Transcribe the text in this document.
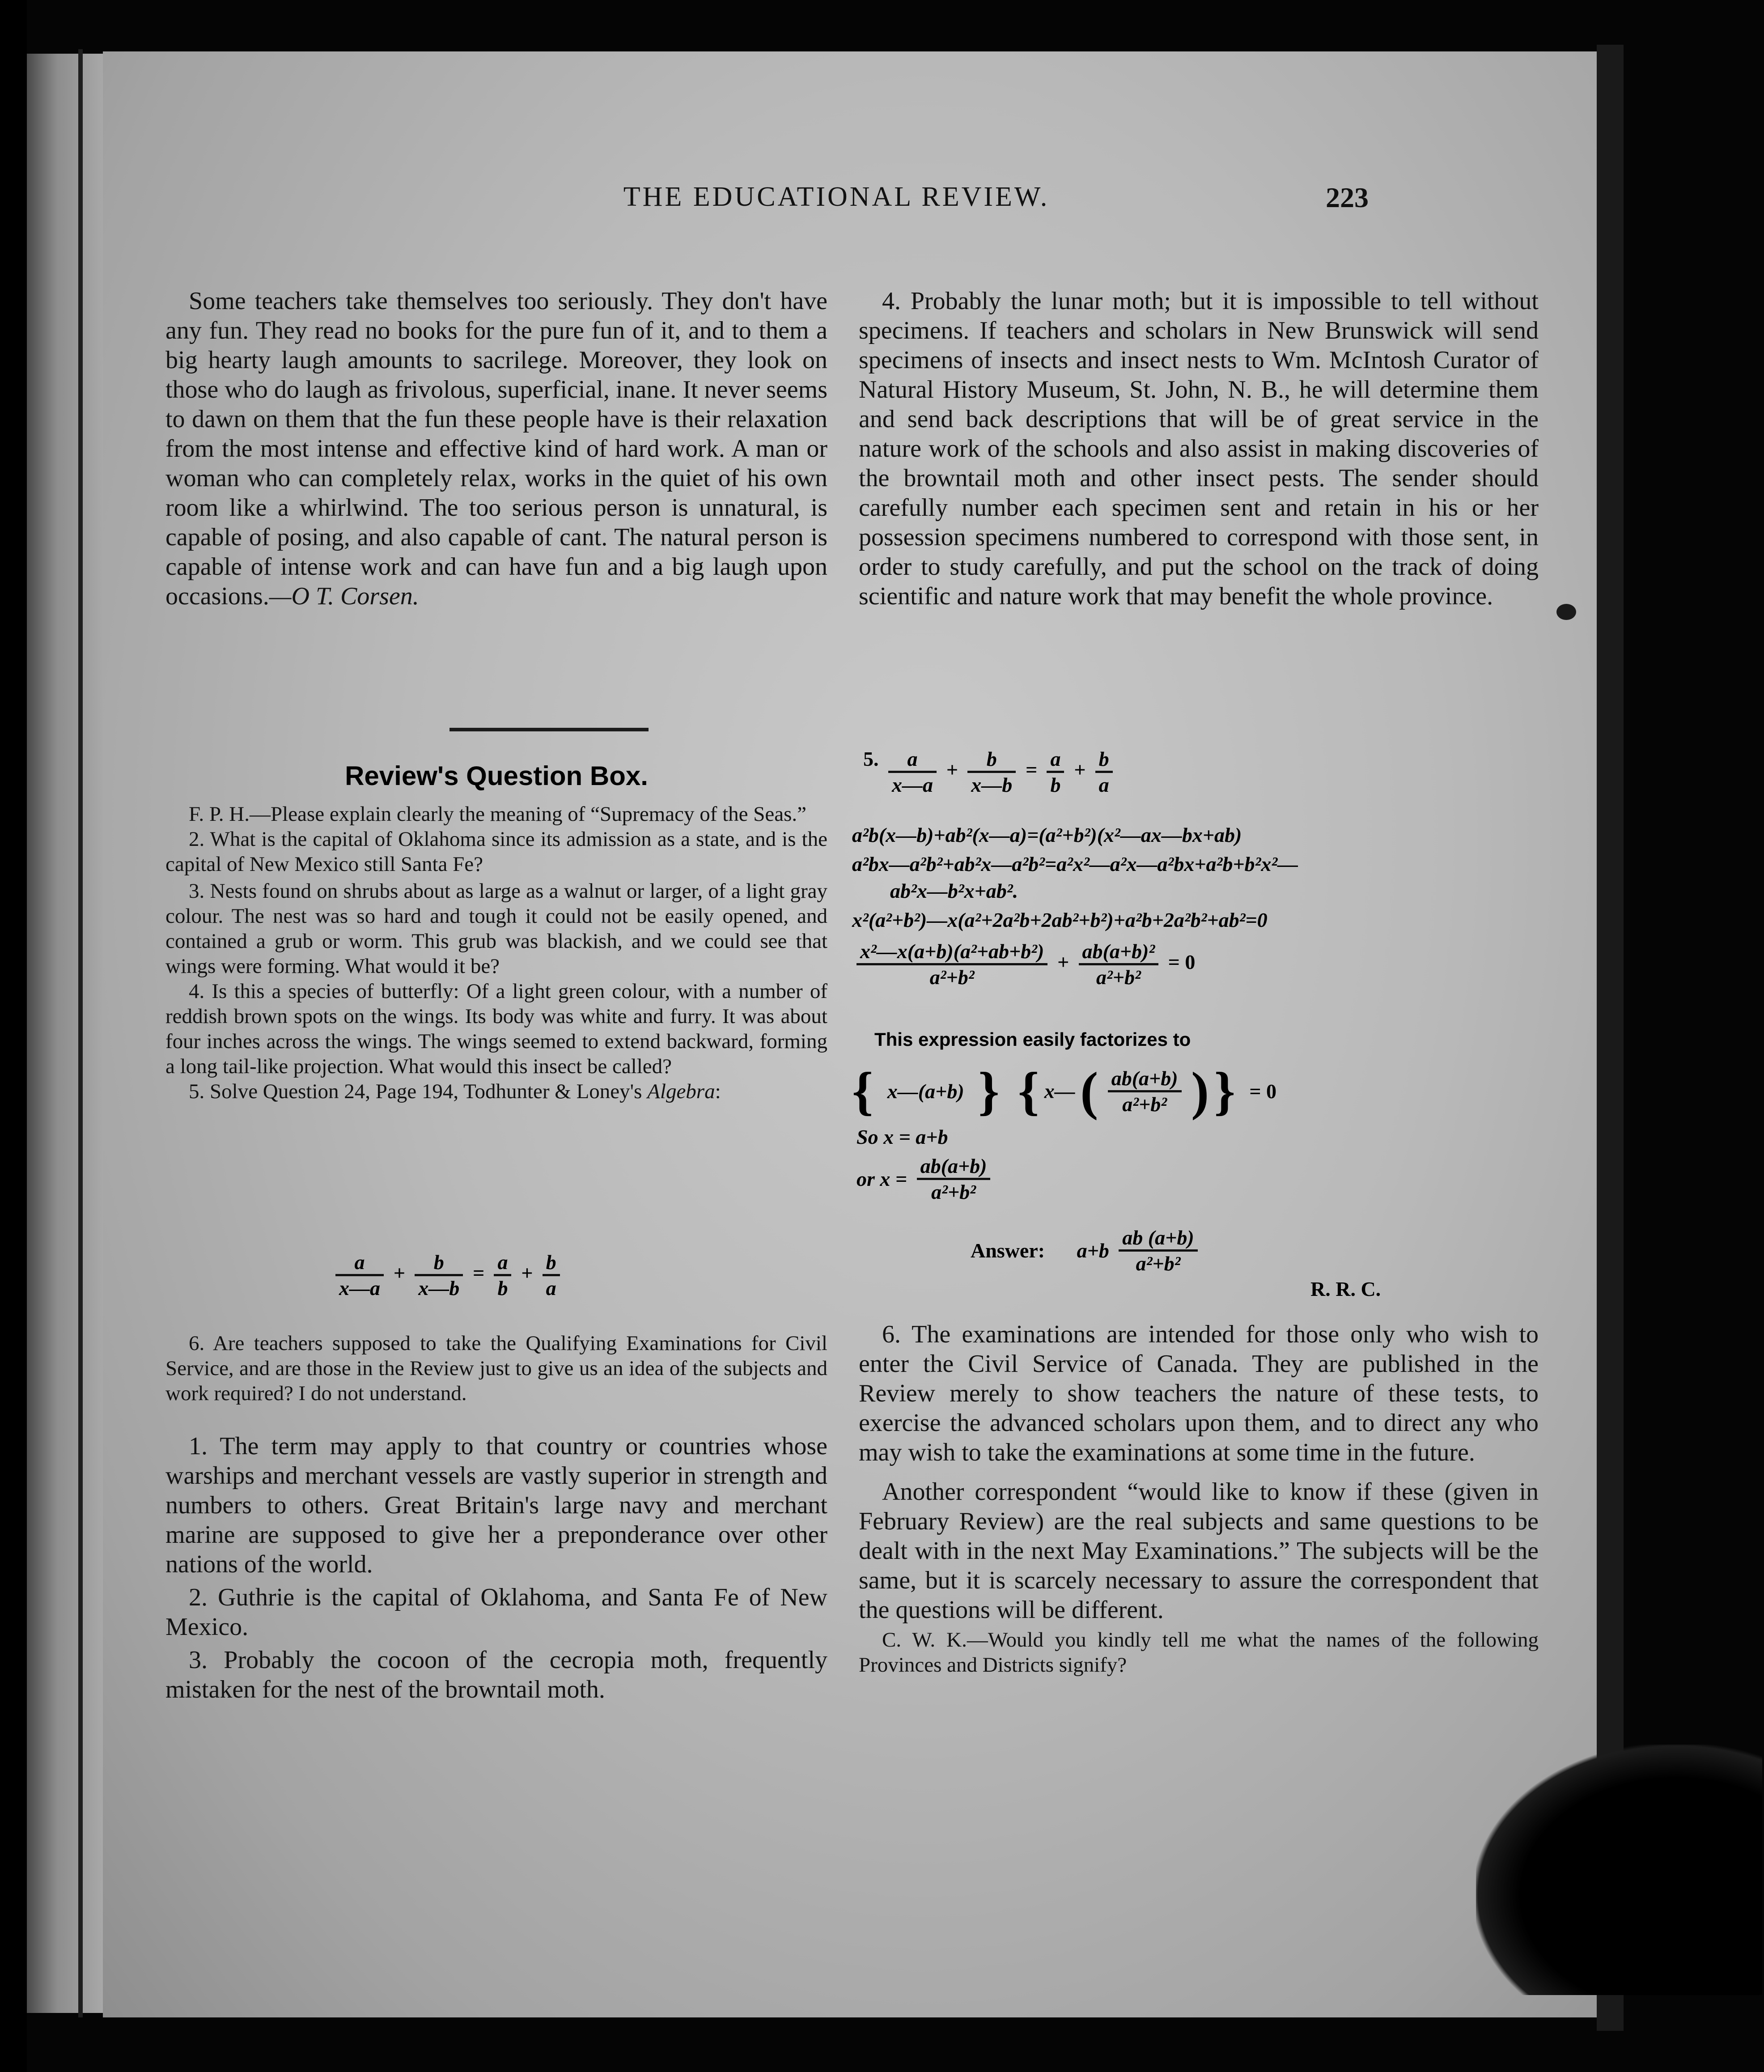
THE EDUCATIONAL REVIEW.	223

Some teachers take themselves too seriously. They don't have any fun. They read no books for the pure fun of it, and to them a big hearty laugh amounts to sacrilege. Moreover, they look on those who do laugh as frivolous, superficial, inane. It never seems to dawn on them that the fun these people have is their relaxation from the most intense and effective kind of hard work. A man or woman who can completely relax, works in the quiet of his own room like a whirlwind. The too serious person is unnatural, is capable of posing, and also capable of cant. The natural person is capable of intense work and can have fun and a big laugh upon occasions.—O T. Corsen.

Review's Question Box.

F. P. H.—Please explain clearly the meaning of “Supremacy of the Seas.”

2. What is the capital of Oklahoma since its admission as a state, and is the capital of New Mexico still Santa Fe?

3. Nests found on shrubs about as large as a walnut or larger, of a light gray colour. The nest was so hard and tough it could not be easily opened, and contained a grub or worm. This grub was blackish, and we could see that wings were forming. What would it be?

4. Is this a species of butterfly: Of a light green colour, with a number of reddish brown spots on the wings. Its body was white and furry. It was about four inches across the wings. The wings seemed to extend backward, forming a long tail-like projection. What would this insect be called?

5. Solve Question 24, Page 194, Todhunter & Loney's Algebra:

$\frac{a}{x—a} + \frac{b}{x—b} = \frac{a}{b} + \frac{b}{a}$

6. Are teachers supposed to take the Qualifying Examinations for Civil Service, and are those in the Review just to give us an idea of the subjects and work required? I do not understand.

1. The term may apply to that country or countries whose warships and merchant vessels are vastly superior in strength and numbers to others. Great Britain's large navy and merchant marine are supposed to give her a preponderance over other nations of the world.

2. Guthrie is the capital of Oklahoma, and Santa Fe of New Mexico.

3. Probably the cocoon of the cecropia moth, frequently mistaken for the nest of the browntail moth.

4. Probably the lunar moth; but it is impossible to tell without specimens. If teachers and scholars in New Brunswick will send specimens of insects and insect nests to Wm. McIntosh Curator of Natural History Museum, St. John, N. B., he will determine them and send back descriptions that will be of great service in the nature work of the schools and also assist in making discoveries of the browntail moth and other insect pests. The sender should carefully number each specimen sent and retain in his or her possession specimens numbered to correspond with those sent, in order to study carefully, and put the school on the track of doing scientific and nature work that may benefit the whole province.

5. $\frac{a}{x—a} + \frac{b}{x—b} = \frac{a}{b} + \frac{b}{a}$
a²b(x—b)+ab²(x—a)=(a²+b²)(x²—ax—bx+ab)
a²bx—a²b²+ab²x—a²b²=a²x²—a²x—a²bx+a²b+b²x²—
ab²x—b²x+ab².
x²(a²+b²)—x(a²+2a²b+2ab²+b²)+a²b+2a²b²+ab²=0
$\frac{\text{x²—x(a+b)(a²+ab+b²)}}{\text{a²+b²}} + \frac{\text{ab(a+b)²}}{\text{a²+b²}} = 0$
This expression easily factorizes to
{ x—(a+b) } { x— ( $\frac{ab(a+b)}{\text{a²+b²}}$ ) } = 0
So x = a+b
or $x = \frac{ab(a+b)}{\text{a²+b²}}$
Answer: $a+b \frac{ab (a+b)}{\text{a²+b²}}$
R. R. C.

6. The examinations are intended for those only who wish to enter the Civil Service of Canada. They are published in the Review merely to show teachers the nature of these tests, to exercise the advanced scholars upon them, and to direct any who may wish to take the examinations at some time in the future.

Another correspondent “would like to know if these (given in February Review) are the real subjects and same questions to be dealt with in the next May Examinations.” The subjects will be the same, but it is scarcely necessary to assure the correspondent that the questions will be different.

C. W. K.—Would you kindly tell me what the names of the following Provinces and Districts signify?
